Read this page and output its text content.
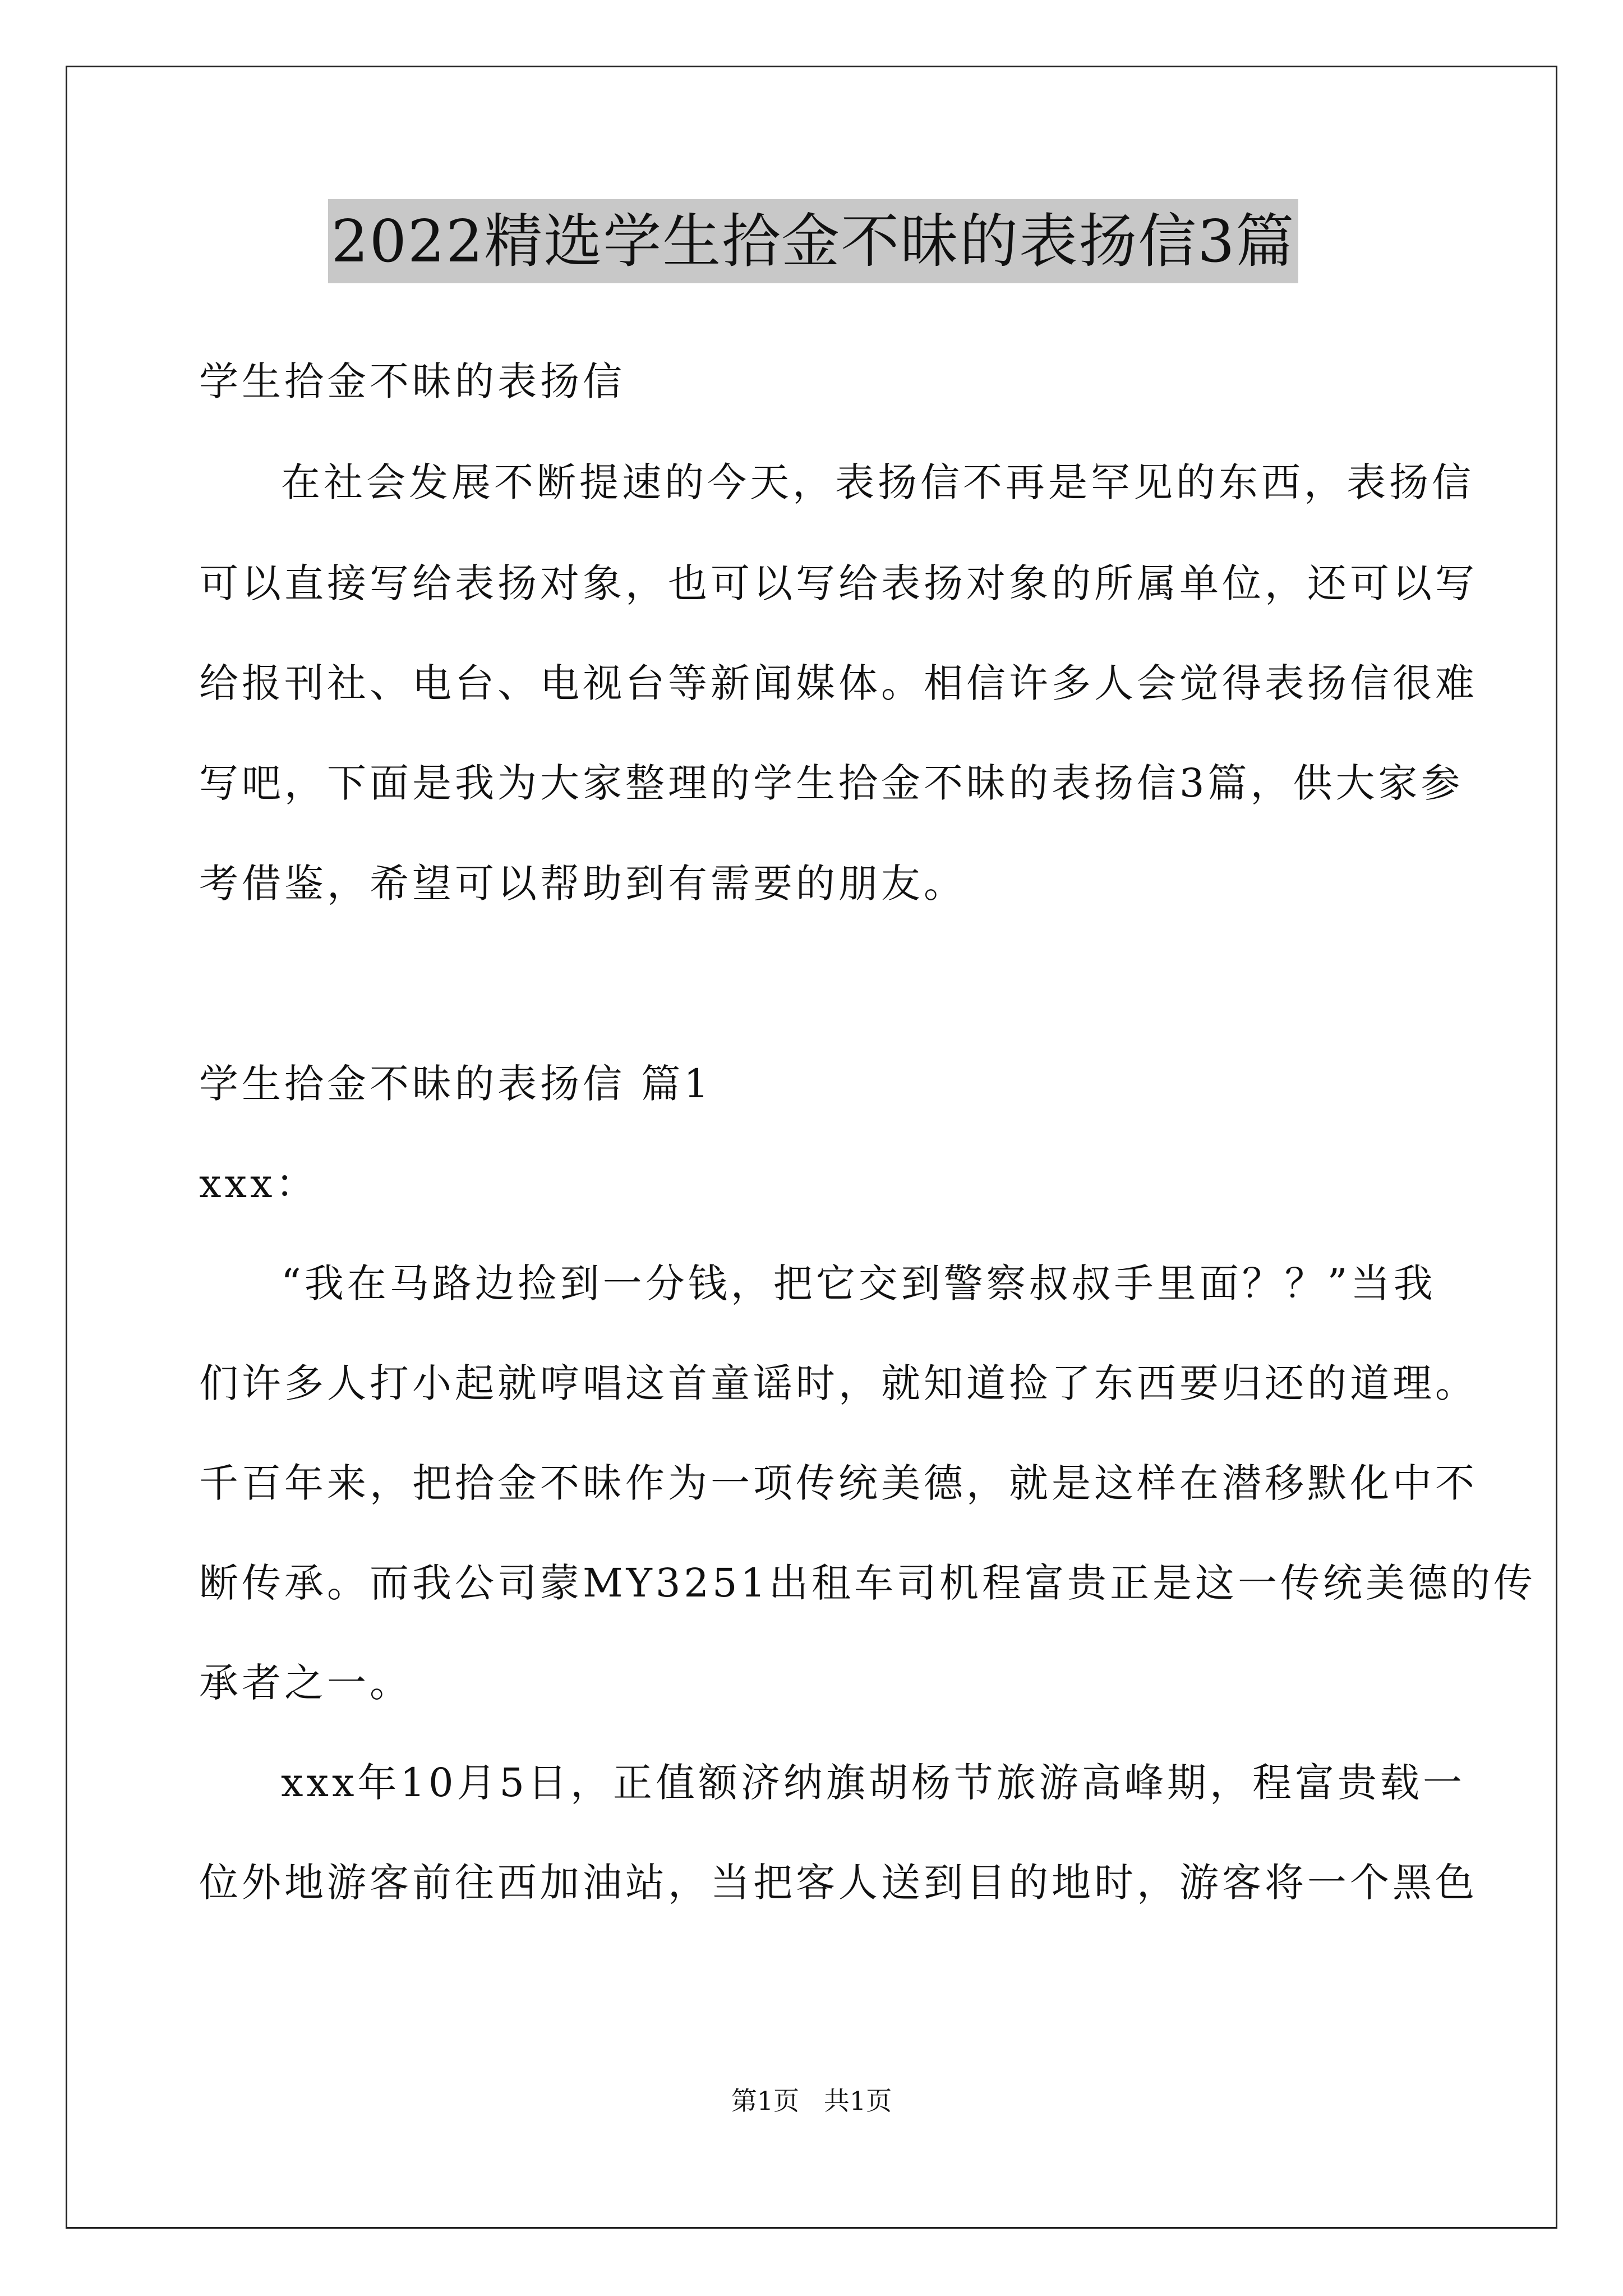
2022精选学生拾金不昧的表扬信3篇
学生拾金不昧的表扬信
在社会发展不断提速的今天，表扬信不再是罕见的东西，表扬信
可以直接写给表扬对象，也可以写给表扬对象的所属单位，还可以写
给报刊社、电台、电视台等新闻媒体。相信许多人会觉得表扬信很难
写吧，下面是我为大家整理的学生拾金不昧的表扬信3篇，供大家参
考借鉴，希望可以帮助到有需要的朋友。
学生拾金不昧的表扬信 篇1
xxx：
“我在马路边捡到一分钱，把它交到警察叔叔手里面？？”当我
们许多人打小起就哼唱这首童谣时，就知道捡了东西要归还的道理。
千百年来，把拾金不昧作为一项传统美德，就是这样在潜移默化中不
断传承。而我公司蒙MY3251出租车司机程富贵正是这一传统美德的传
承者之一。
xxx年10月5日，正值额济纳旗胡杨节旅游高峰期，程富贵载一
位外地游客前往西加油站，当把客人送到目的地时，游客将一个黑色
第1页   共1页
